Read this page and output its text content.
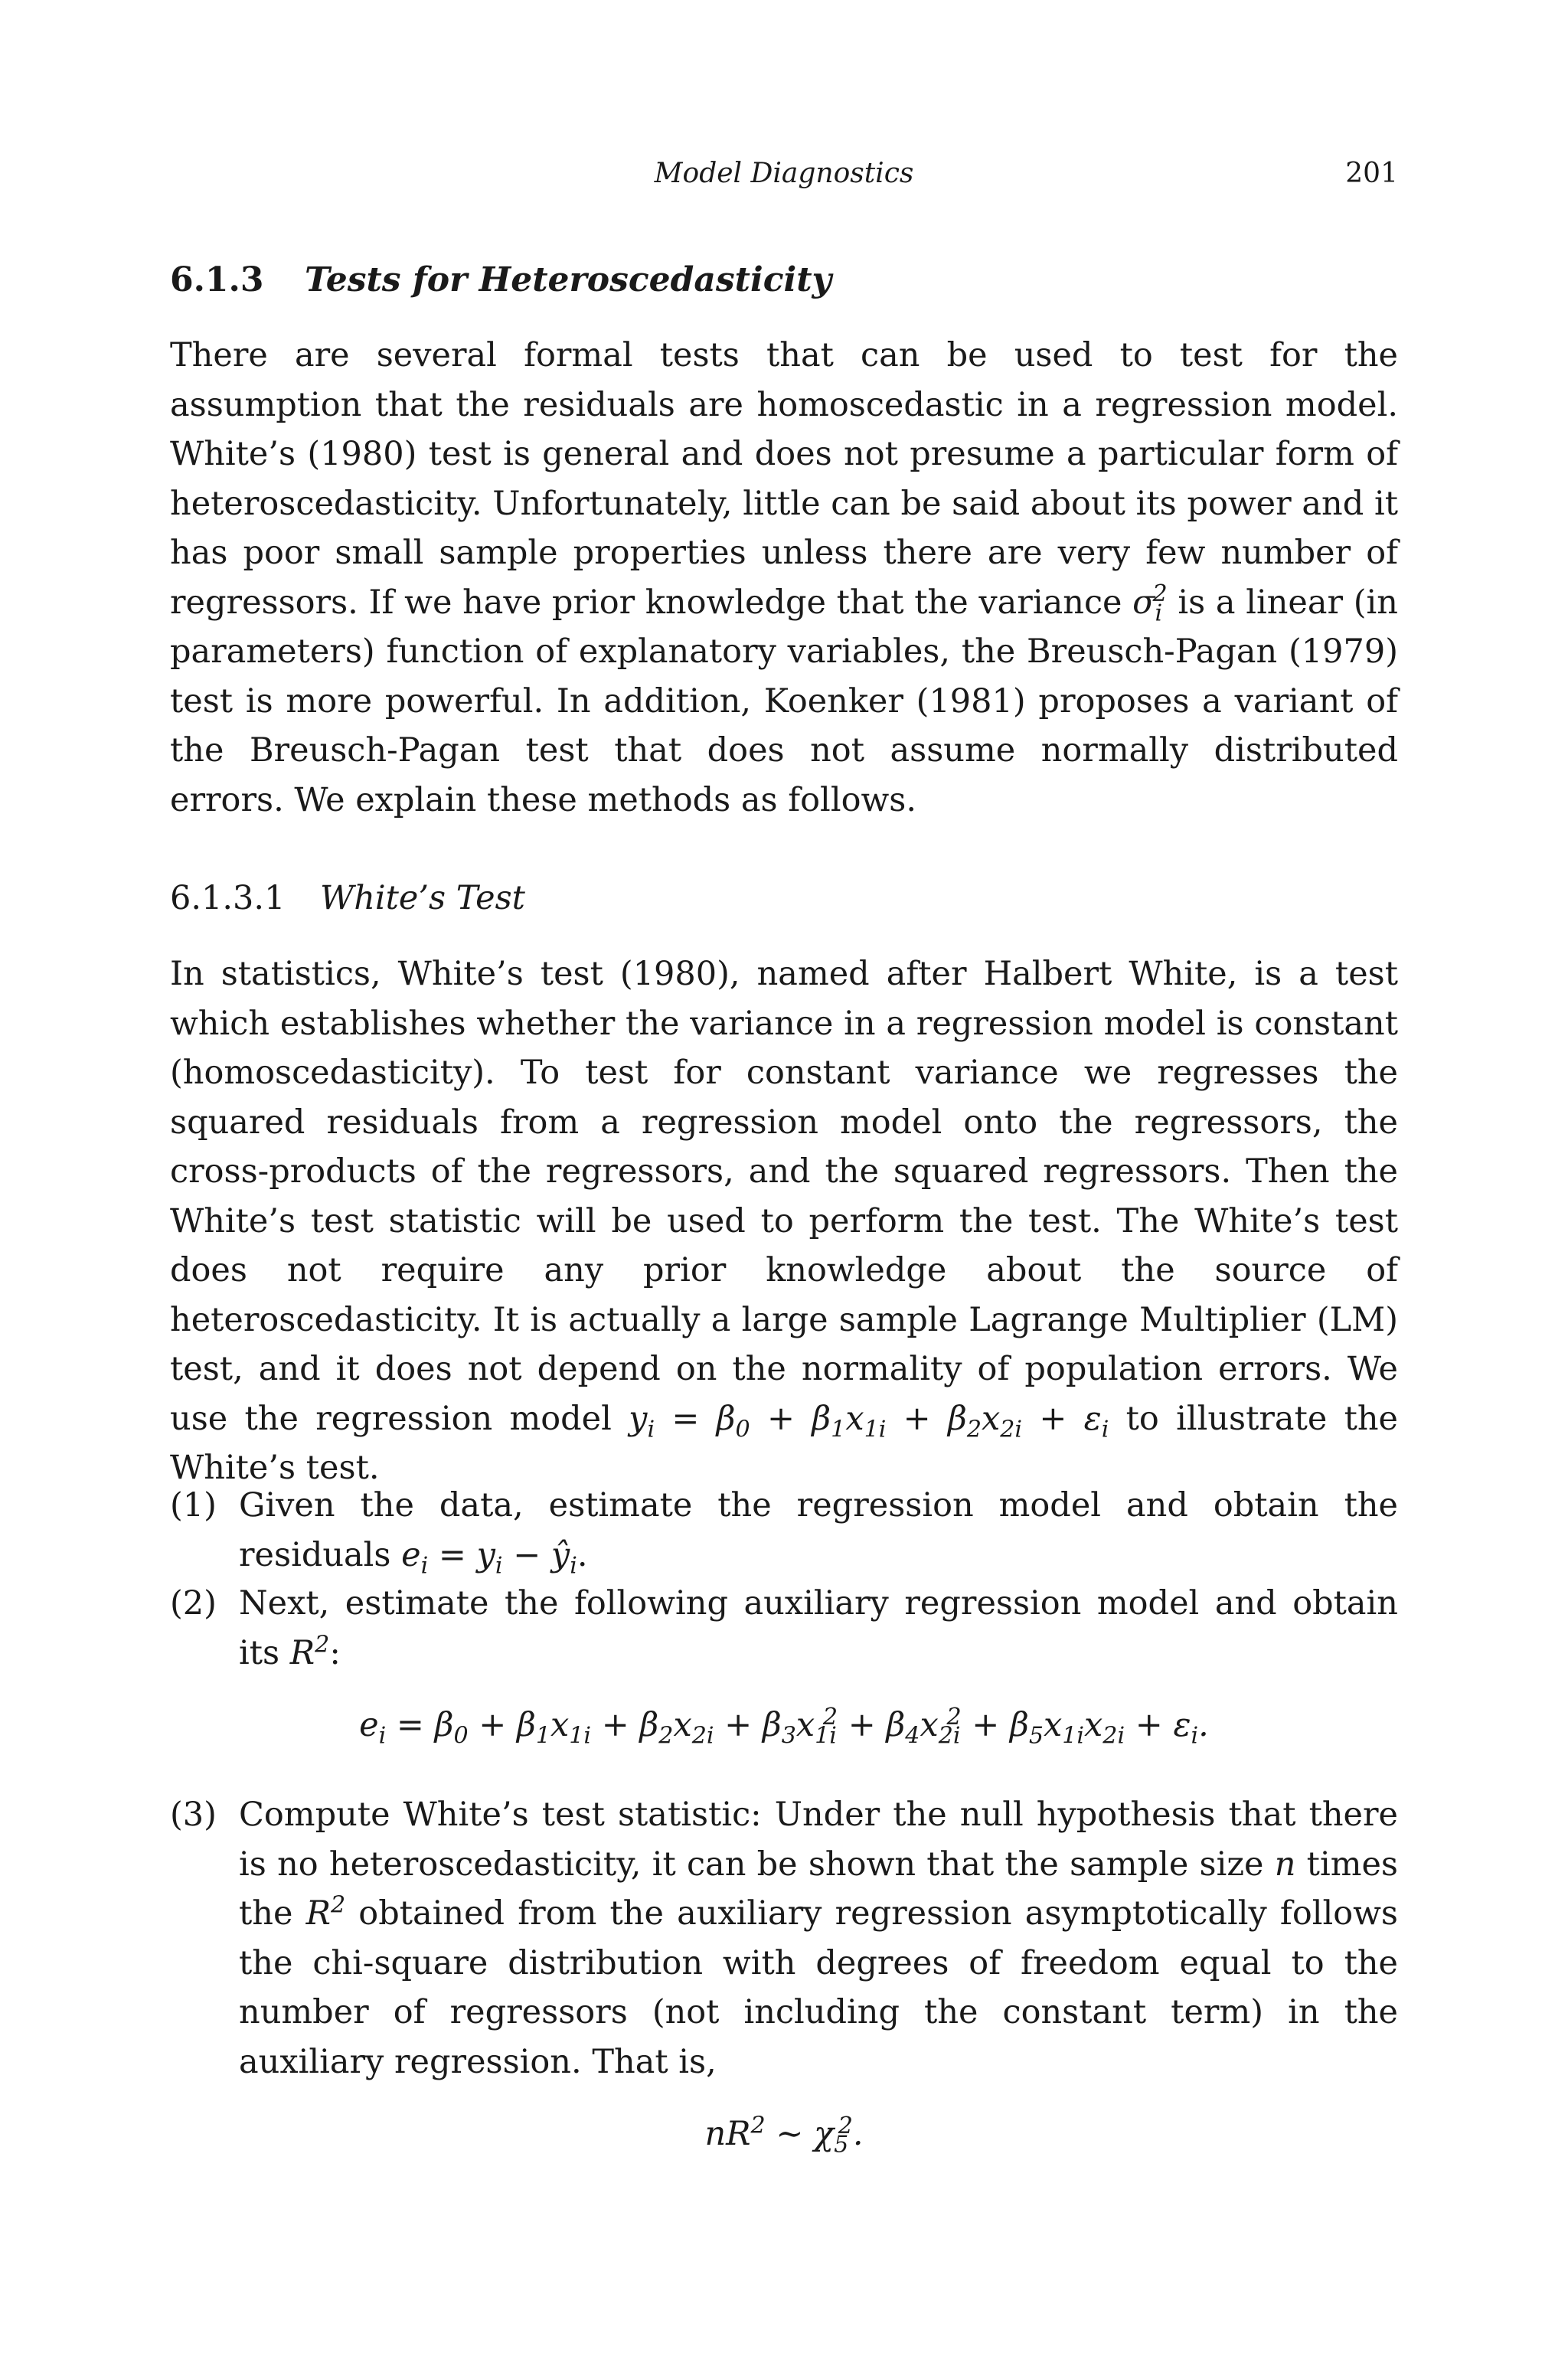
Model Diagnostics	201
6.1.3 Tests for Heteroscedasticity
There are several formal tests that can be used to test for the assumption that the residuals are homoscedastic in a regression model. White’s (1980) test is general and does not presume a particular form of heteroscedasticity. Unfortunately, little can be said about its power and it has poor small sample properties unless there are very few number of regressors. If we have prior knowledge that the variance $\sigma_i^2$ is a linear (in parameters) function of explanatory variables, the Breusch-Pagan (1979) test is more powerful. In addition, Koenker (1981) proposes a variant of the Breusch-Pagan test that does not assume normally distributed errors. We explain these methods as follows.
6.1.3.1 White’s Test
In statistics, White’s test (1980), named after Halbert White, is a test which establishes whether the variance in a regression model is constant (homoscedasticity). To test for constant variance we regresses the squared residuals from a regression model onto the regressors, the cross-products of the regressors, and the squared regressors. Then the White’s test statistic will be used to perform the test. The White’s test does not require any prior knowledge about the source of heteroscedasticity. It is actually a large sample Lagrange Multiplier (LM) test, and it does not depend on the normality of population errors. We use the regression model $y_i = \beta_0 + \beta_1x_{1i} + \beta_2x_{2i} + \varepsilon_i$ to illustrate the White’s test.
(1) Given the data, estimate the regression model and obtain the residuals $e_i = y_i$ − $ŷ_i$.
(2) Next, estimate the following auxiliary regression model and obtain its $R^2$:
$e_i = \beta_0 + \beta_1x_{1i} + \beta_2x_{2i} + \beta_3x_{1i}^2 + \beta_4x_{2i}^2 + \beta_5x_{1i}x_{2i} + \varepsilon_i$.
(3) Compute White’s test statistic: Under the null hypothesis that there is no heteroscedasticity, it can be shown that the sample size n times the $R^2$ obtained from the auxiliary regression asymptotically follows the chi-square distribution with degrees of freedom equal to the number of regressors (not including the constant term) in the auxiliary regression. That is,
$nR^2$ ∼ $\chi_5^2$.
